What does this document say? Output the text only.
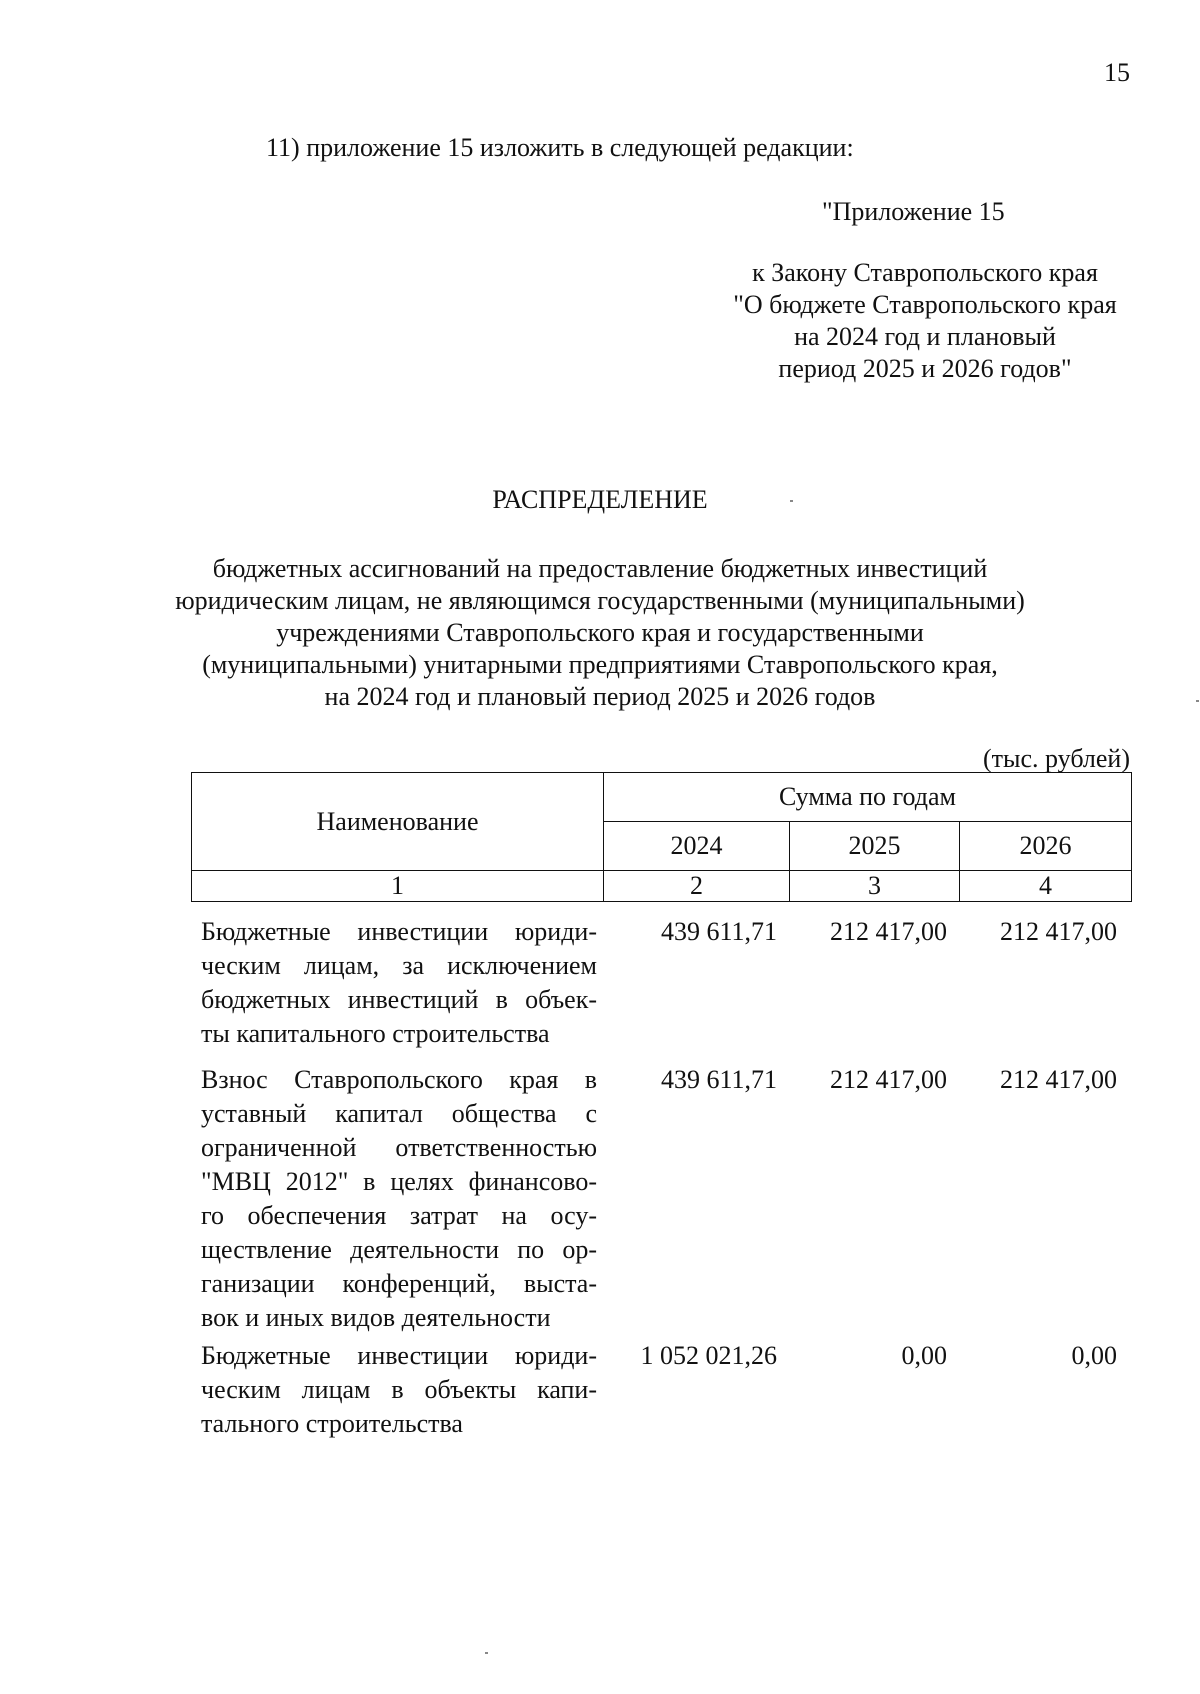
15
11) приложение 15 изложить в следующей редакции:
"Приложение 15
к Закону Ставропольского края
"О бюджете Ставропольского края
на 2024 год и плановый
период 2025 и 2026 годов"
РАСПРЕДЕЛЕНИЕ
бюджетных ассигнований на предоставление бюджетных инвестиций
юридическим лицам, не являющимся государственными (муниципальными)
учреждениями Ставропольского края и государственными
(муниципальными) унитарными предприятиями Ставропольского края,
на 2024 год и плановый период 2025 и 2026 годов
(тыс. рублей)
Наименование	Сумма по годам		
	2024	2025	2026
1	2	3	4
Бюджетные инвестиции юриди-
ческим лицам, за исключением
бюджетных инвестиций в объек-
ты капитального строительства
439 611,71	212 417,00	212 417,00
Взнос Ставропольского края в
уставный капитал общества с
ограниченной ответственностью
"МВЦ 2012" в целях финансово-
го обеспечения затрат на осу-
ществление деятельности по ор-
ганизации конференций, выста-
вок и иных видов деятельности
439 611,71	212 417,00	212 417,00
Бюджетные инвестиции юриди-
ческим лицам в объекты капи-
тального строительства
1 052 021,26	0,00	0,00
